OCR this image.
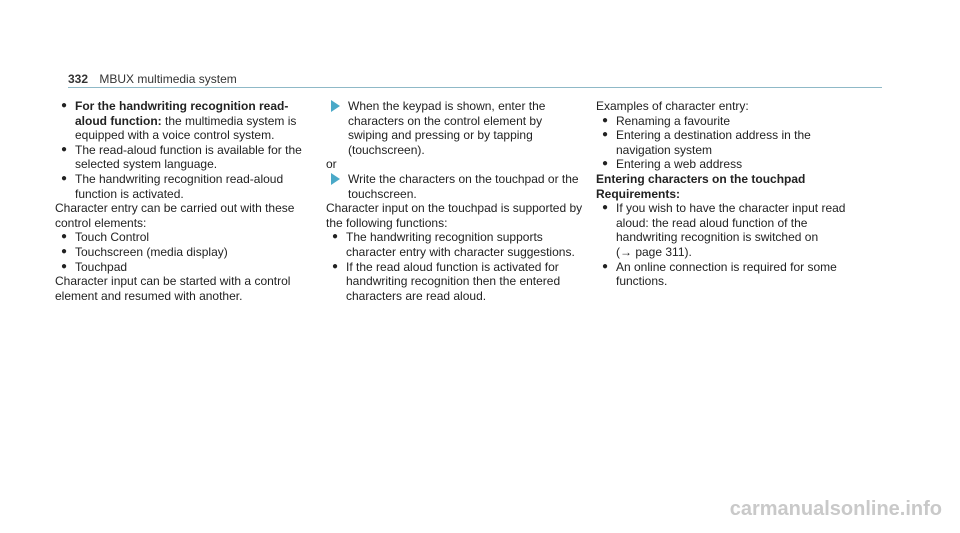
332 MBUX multimedia system
● For the handwriting recognition read-aloud function: the multimedia system is equipped with a voice control system.
● The read-aloud function is available for the selected system language.
● The handwriting recognition read-aloud function is activated.
Character entry can be carried out with these control elements:
● Touch Control
● Touchscreen (media display)
● Touchpad
Character input can be started with a control element and resumed with another.
When the keypad is shown, enter the characters on the control element by swiping and pressing or by tapping (touchscreen).
or
Write the characters on the touchpad or the touchscreen.
Character input on the touchpad is supported by the following functions:
● The handwriting recognition supports character entry with character suggestions.
● If the read aloud function is activated for handwriting recognition then the entered characters are read aloud.
Examples of character entry:
● Renaming a favourite
● Entering a destination address in the navigation system
● Entering a web address
Entering characters on the touchpad
Requirements:
● If you wish to have the character input read aloud: the read aloud function of the handwriting recognition is switched on
(→ page 311).
● An online connection is required for some functions.
carmanualsonline.info
